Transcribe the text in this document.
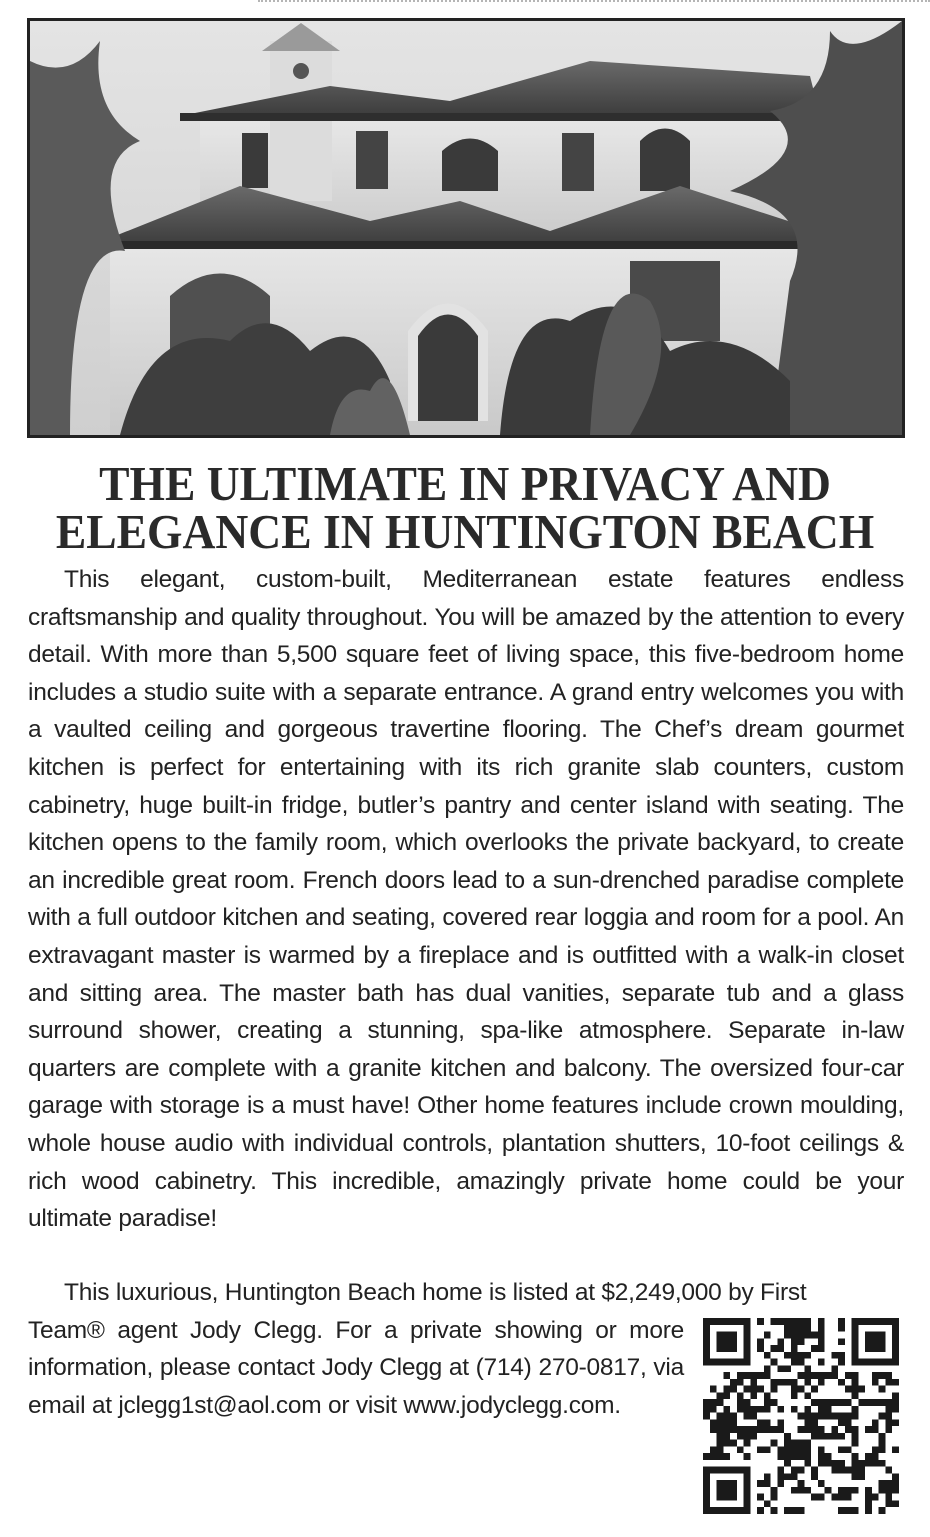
THE ULTIMATE IN PRIVACY AND ELEGANCE IN HUNTINGTON BEACH

This elegant, custom-built, Mediterranean estate features endless craftsmanship and quality throughout. You will be amazed by the attention to every detail. With more than 5,500 square feet of living space, this five-bedroom home includes a studio suite with a separate entrance. A grand entry welcomes you with a vaulted ceiling and gorgeous travertine flooring. The Chef’s dream gourmet kitchen is perfect for entertaining with its rich granite slab counters, custom cabinetry, huge built-in fridge, butler’s pantry and center island with seating. The kitchen opens to the family room, which overlooks the private backyard, to create an incredible great room. French doors lead to a sun-drenched paradise complete with a full outdoor kitchen and seating, covered rear loggia and room for a pool. An extravagant master is warmed by a fireplace and is outfitted with a walk-in closet and sitting area. The master bath has dual vanities, separate tub and a glass surround shower, creating a stunning, spa-like atmosphere. Separate in-law quarters are complete with a granite kitchen and balcony. The oversized four-car garage with storage is a must have! Other home features include crown moulding, whole house audio with individual controls, plantation shutters, 10-foot ceilings & rich wood cabinetry. This incredible, amazingly private home could be your ultimate paradise!

This luxurious, Huntington Beach home is listed at $2,249,000 by First

Team® agent Jody Clegg. For a private showing or more information, please contact Jody Clegg at (714) 270-0817, via email at jclegg1st@aol.com or visit www.jodyclegg.com.
